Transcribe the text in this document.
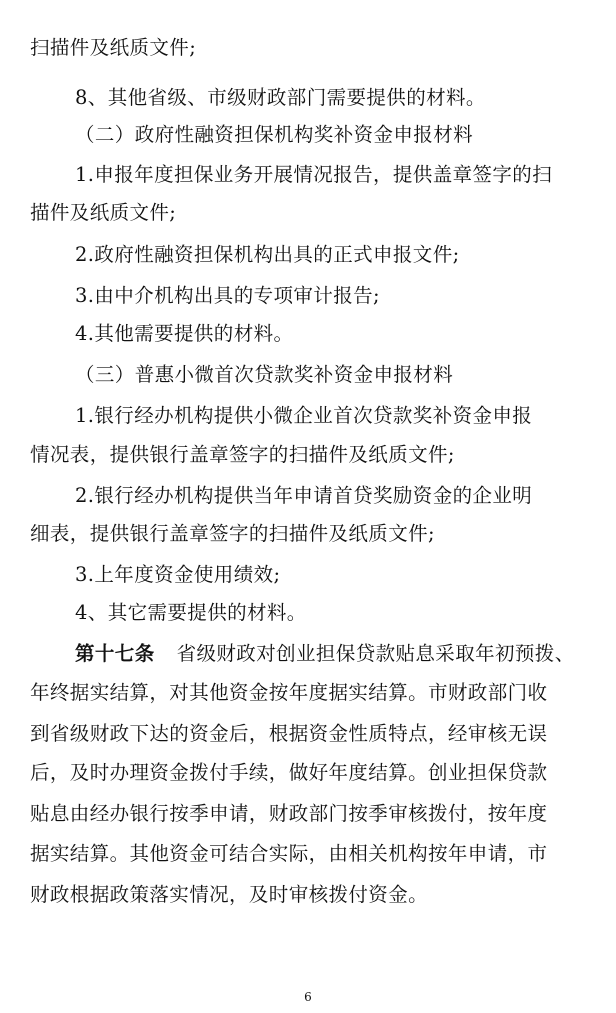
扫描件及纸质文件;
8、其他省级、市级财政部门需要提供的材料。
（二）政府性融资担保机构奖补资金申报材料
1.申报年度担保业务开展情况报告，提供盖章签字的扫
描件及纸质文件;
2.政府性融资担保机构出具的正式申报文件;
3.由中介机构出具的专项审计报告;
4.其他需要提供的材料。
（三）普惠小微首次贷款奖补资金申报材料
1.银行经办机构提供小微企业首次贷款奖补资金申报
情况表，提供银行盖章签字的扫描件及纸质文件;
2.银行经办机构提供当年申请首贷奖励资金的企业明
细表，提供银行盖章签字的扫描件及纸质文件;
3.上年度资金使用绩效;
4、其它需要提供的材料。
第十七条 省级财政对创业担保贷款贴息采取年初预拨、
年终据实结算，对其他资金按年度据实结算。市财政部门收
到省级财政下达的资金后，根据资金性质特点，经审核无误
后，及时办理资金拨付手续，做好年度结算。创业担保贷款
贴息由经办银行按季申请，财政部门按季审核拨付，按年度
据实结算。其他资金可结合实际，由相关机构按年申请，市
财政根据政策落实情况，及时审核拨付资金。
6
